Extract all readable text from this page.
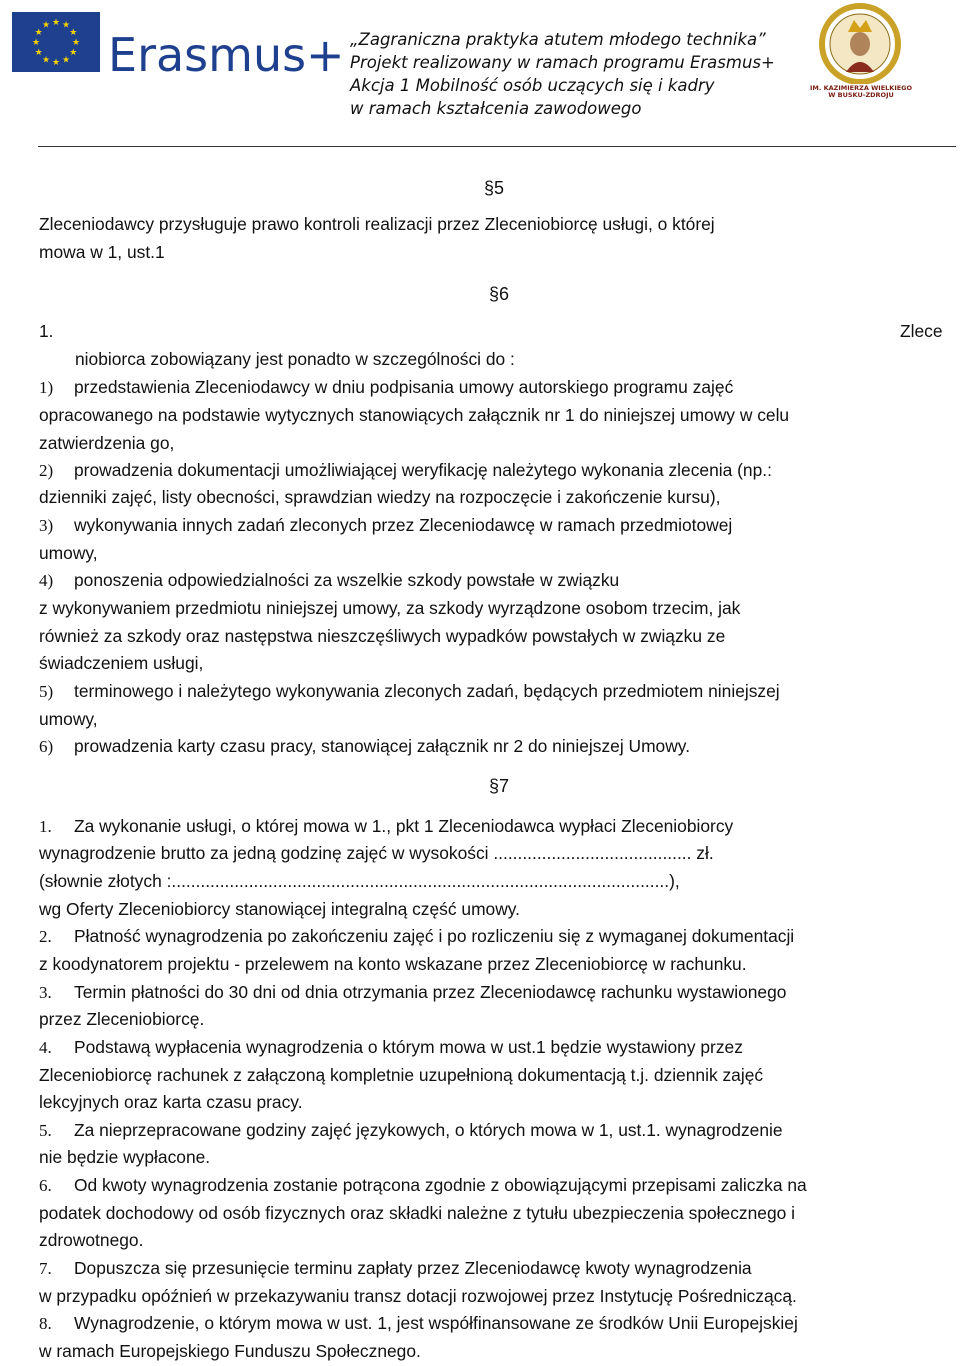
★ ★
★
★
★
★
★
★
★
★
★
★
Erasmus+ „Zagraniczna praktyka atutem młodego technika”
Projekt realizowany w ramach programu Erasmus+
Akcja 1 Mobilność osób uczących się i kadry
w ramach kształcenia zawodowego
IM. KAZIMIERZA WIELKIEGO
W BUSKU-ZDROJU
§5
Zleceniodawcy przysługuje prawo kontroli realizacji przez Zleceniobiorcę usługi, o której
mowa w 1, ust.1
§6
1.	Zlece
niobiorca zobowiązany jest ponadto w szczególności do :
1) przedstawienia Zleceniodawcy w dniu podpisania umowy autorskiego programu zajęć
opracowanego na podstawie wytycznych stanowiących załącznik nr 1 do niniejszej umowy w celu
zatwierdzenia go,
2) prowadzenia dokumentacji umożliwiającej weryfikację należytego wykonania zlecenia (np.:
dzienniki zajęć, listy obecności, sprawdzian wiedzy na rozpoczęcie i zakończenie kursu),
3) wykonywania innych zadań zleconych przez Zleceniodawcę w ramach przedmiotowej
umowy,
4) ponoszenia odpowiedzialności za wszelkie szkody powstałe w związku
z wykonywaniem przedmiotu niniejszej umowy, za szkody wyrządzone osobom trzecim, jak
również za szkody oraz następstwa nieszczęśliwych wypadków powstałych w związku ze
świadczeniem usługi,
5) terminowego i należytego wykonywania zleconych zadań, będących przedmiotem niniejszej
umowy,
6) prowadzenia karty czasu pracy, stanowiącej załącznik nr 2 do niniejszej Umowy.
§7
1. Za wykonanie usługi, o której mowa w 1., pkt 1 Zleceniodawca wypłaci Zleceniobiorcy
wynagrodzenie brutto za jedną godzinę zajęć w wysokości ......................................... zł.
(słownie złotych :.......................................................................................................),
wg Oferty Zleceniobiorcy stanowiącej integralną część umowy.
2. Płatność wynagrodzenia po zakończeniu zajęć i po rozliczeniu się z wymaganej dokumentacji
z koodynatorem projektu - przelewem na konto wskazane przez Zleceniobiorcę w rachunku.
3. Termin płatności do 30 dni od dnia otrzymania przez Zleceniodawcę rachunku wystawionego
przez Zleceniobiorcę.
4. Podstawą wypłacenia wynagrodzenia o którym mowa w ust.1 będzie wystawiony przez
Zleceniobiorcę rachunek z załączoną kompletnie uzupełnioną dokumentacją t.j. dziennik zajęć
lekcyjnych oraz karta czasu pracy.
5. Za nieprzepracowane godziny zajęć językowych, o których mowa w 1, ust.1. wynagrodzenie
nie będzie wypłacone.
6. Od kwoty wynagrodzenia zostanie potrącona zgodnie z obowiązującymi przepisami zaliczka na
podatek dochodowy od osób fizycznych oraz składki należne z tytułu ubezpieczenia społecznego i
zdrowotnego.
7. Dopuszcza się przesunięcie terminu zapłaty przez Zleceniodawcę kwoty wynagrodzenia
w przypadku opóźnień w przekazywaniu transz dotacji rozwojowej przez Instytucję Pośredniczącą.
8. Wynagrodzenie, o którym mowa w ust. 1, jest współfinansowane ze środków Unii Europejskiej
w ramach Europejskiego Funduszu Społecznego.
